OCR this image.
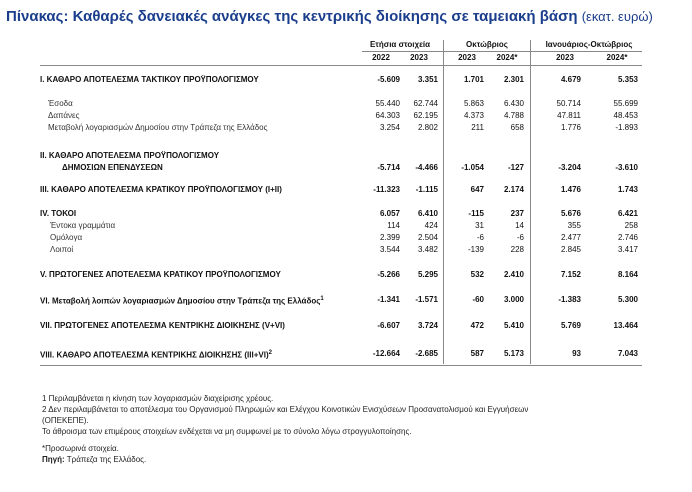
Πίνακας: Καθαρές δανειακές ανάγκες της κεντρικής διοίκησης σε ταμειακή βάση (εκατ. ευρώ)
Ετήσια στοιχεία	Οκτώβριος	Ιανουάριος-Οκτώβριος
2022	2023	2023	2024*	2023	2024*
I. ΚΑΘΑΡΟ ΑΠΟΤΕΛΕΣΜΑ ΤΑΚΤΙΚΟΥ ΠΡΟΫΠΟΛΟΓΙΣΜΟΥ	-5.609	3.351	1.701	2.301	4.679	5.353
Έσοδα	55.440	62.744	5.863	6.430	50.714	55.699
Δαπάνες	64.303	62.195	4.373	4.788	47.811	48.453
Μεταβολή λογαριασμών Δημοσίου στην Τράπεζα της Ελλάδος	3.254	2.802	211	658	1.776	-1.893
II. ΚΑΘΑΡΟ ΑΠΟΤΕΛΕΣΜΑ ΠΡΟΫΠΟΛΟΓΙΣΜΟΥ
ΔΗΜΟΣΙΩΝ ΕΠΕΝΔΥΣΕΩΝ	-5.714	-4.466	-1.054	-127	-3.204	-3.610
III. ΚΑΘΑΡΟ ΑΠΟΤΕΛΕΣΜΑ ΚΡΑΤΙΚΟΥ ΠΡΟΫΠΟΛΟΓΙΣΜΟΥ (I+II)	-11.323	-1.115	647	2.174	1.476	1.743
IV. ΤΟΚΟΙ	6.057	6.410	-115	237	5.676	6.421
Έντοκα γραμμάτια	114	424	31	14	355	258
Ομόλογα	2.399	2.504	-6	-6	2.477	2.746
Λοιποί	3.544	3.482	-139	228	2.845	3.417
V. ΠΡΩΤΟΓΕΝΕΣ ΑΠΟΤΕΛΕΣΜΑ ΚΡΑΤΙΚΟΥ ΠΡΟΫΠΟΛΟΓΙΣΜΟΥ	-5.266	5.295	532	2.410	7.152	8.164
VI. Μεταβολή λοιπών λογαριασμών Δημοσίου στην Τράπεζα της Ελλάδος$^1$	-1.341	-1.571	-60	3.000	-1.383	5.300
VII. ΠΡΩΤΟΓΕΝΕΣ ΑΠΟΤΕΛΕΣΜΑ ΚΕΝΤΡΙΚΗΣ ΔΙΟΙΚΗΣΗΣ (V+VI)	-6.607	3.724	472	5.410	5.769	13.464
VIII. ΚΑΘΑΡΟ ΑΠΟΤΕΛΕΣΜΑ ΚΕΝΤΡΙΚΗΣ ΔΙΟΙΚΗΣΗΣ $(III+VI)^2$	-12.664	-2.685	587	5.173	93	7.043
1 Περιλαμβάνεται η κίνηση των λογαριασμών διαχείρισης χρέους.
2 Δεν περιλαμβάνεται το αποτέλεσμα του Οργανισμού Πληρωμών και Ελέγχου Κοινοτικών Ενισχύσεων Προσανατολισμού και Εγγυήσεων
(ΟΠΕΚΕΠΕ).
Το άθροισμα των επιμέρους στοιχείων ενδέχεται να μη συμφωνεί με το σύνολο λόγω στρογγυλοποίησης.
*Προσωρινά στοιχεία.
Πηγή: Τράπεζα της Ελλάδος.
